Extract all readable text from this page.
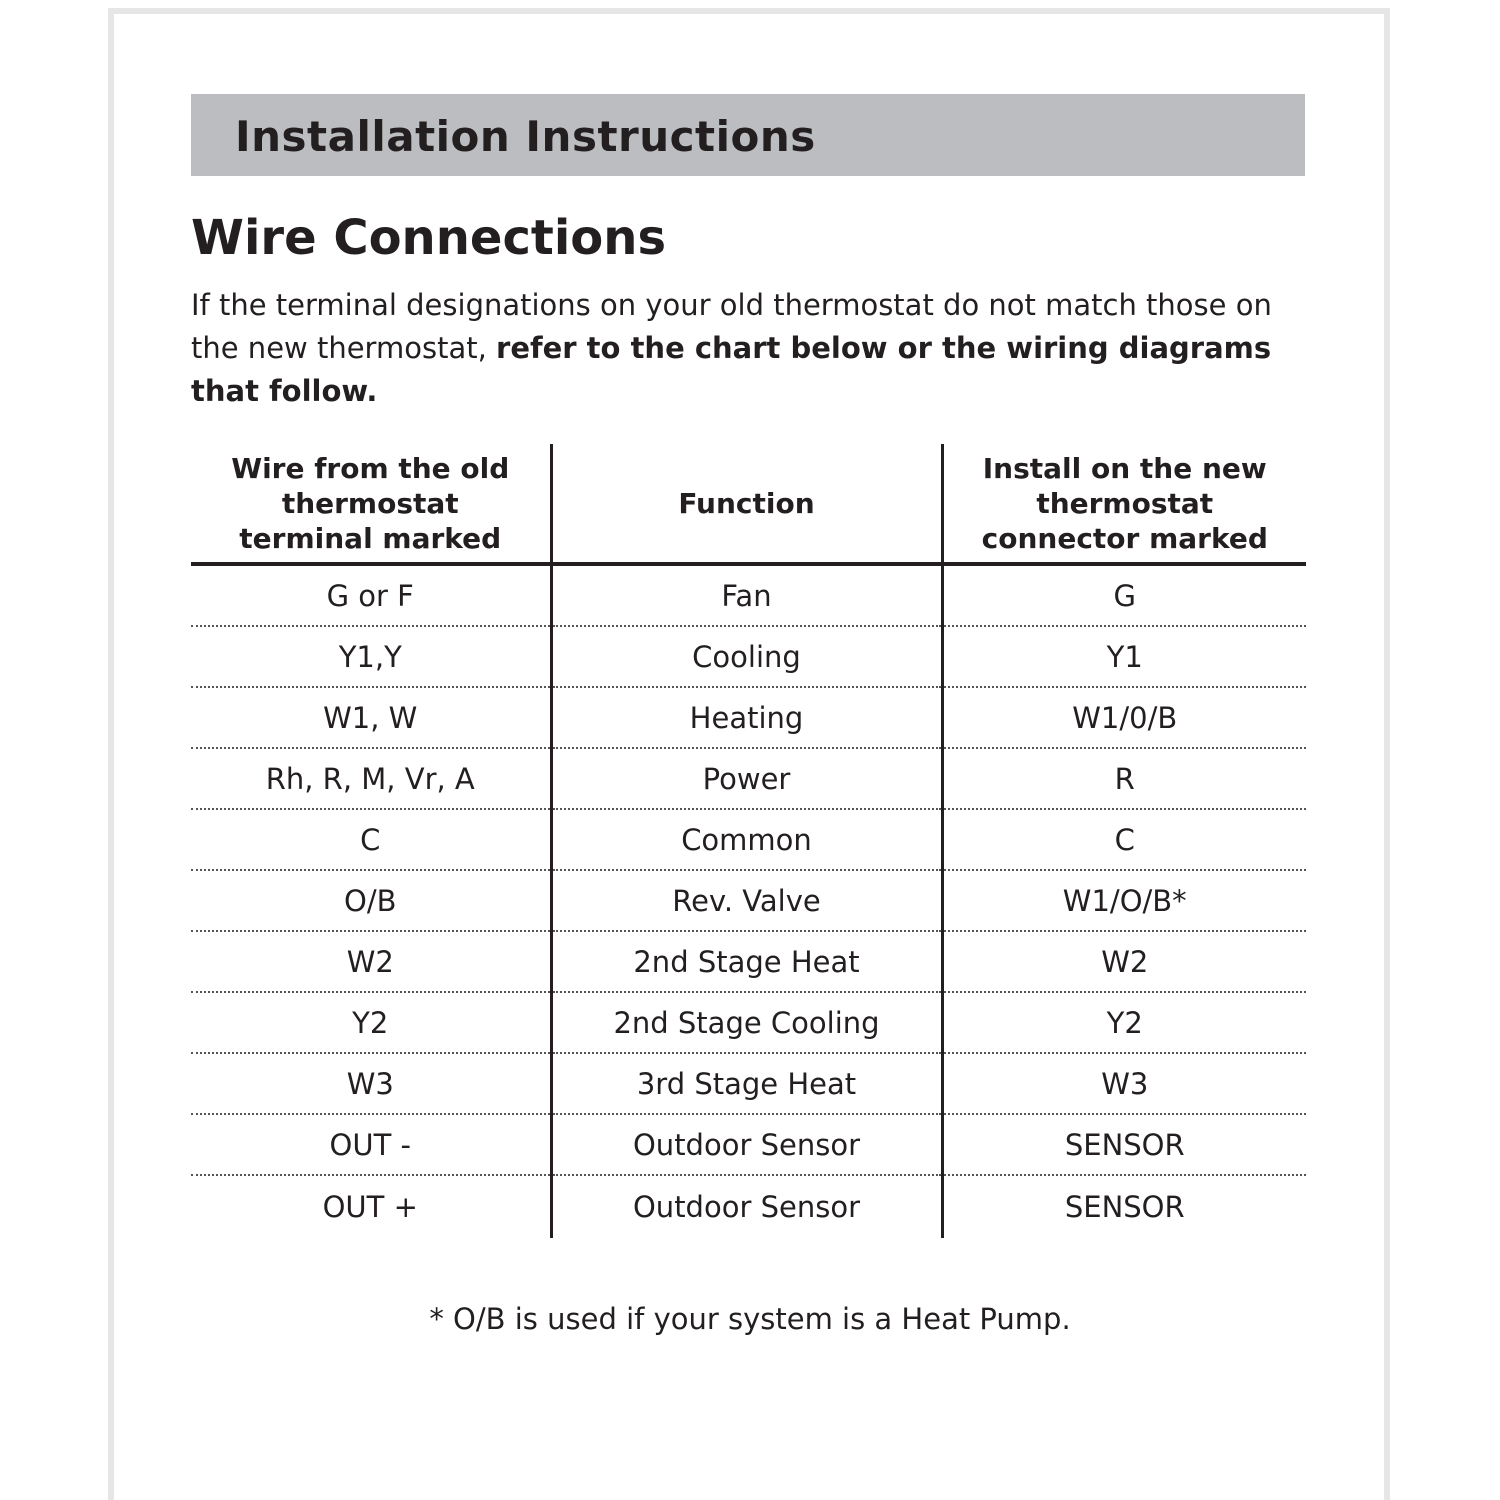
Installation Instructions
Wire Connections
If the terminal designations on your old thermostat do not match those on the new thermostat, refer to the chart below or the wiring diagrams that follow.
Wire from the old thermostat terminal marked	Function	Install on the new thermostat connector marked
G or F	Fan	G
Y1,Y	Cooling	Y1
W1, W	Heating	W1/0/B
Rh, R, M, Vr, A	Power	R
C	Common	C
O/B	Rev. Valve	W1/O/B*
W2	2nd Stage Heat	W2
Y2	2nd Stage Cooling	Y2
W3	3rd Stage Heat	W3
OUT -	Outdoor Sensor	SENSOR
OUT +	Outdoor Sensor	SENSOR
* O/B is used if your system is a Heat Pump.
